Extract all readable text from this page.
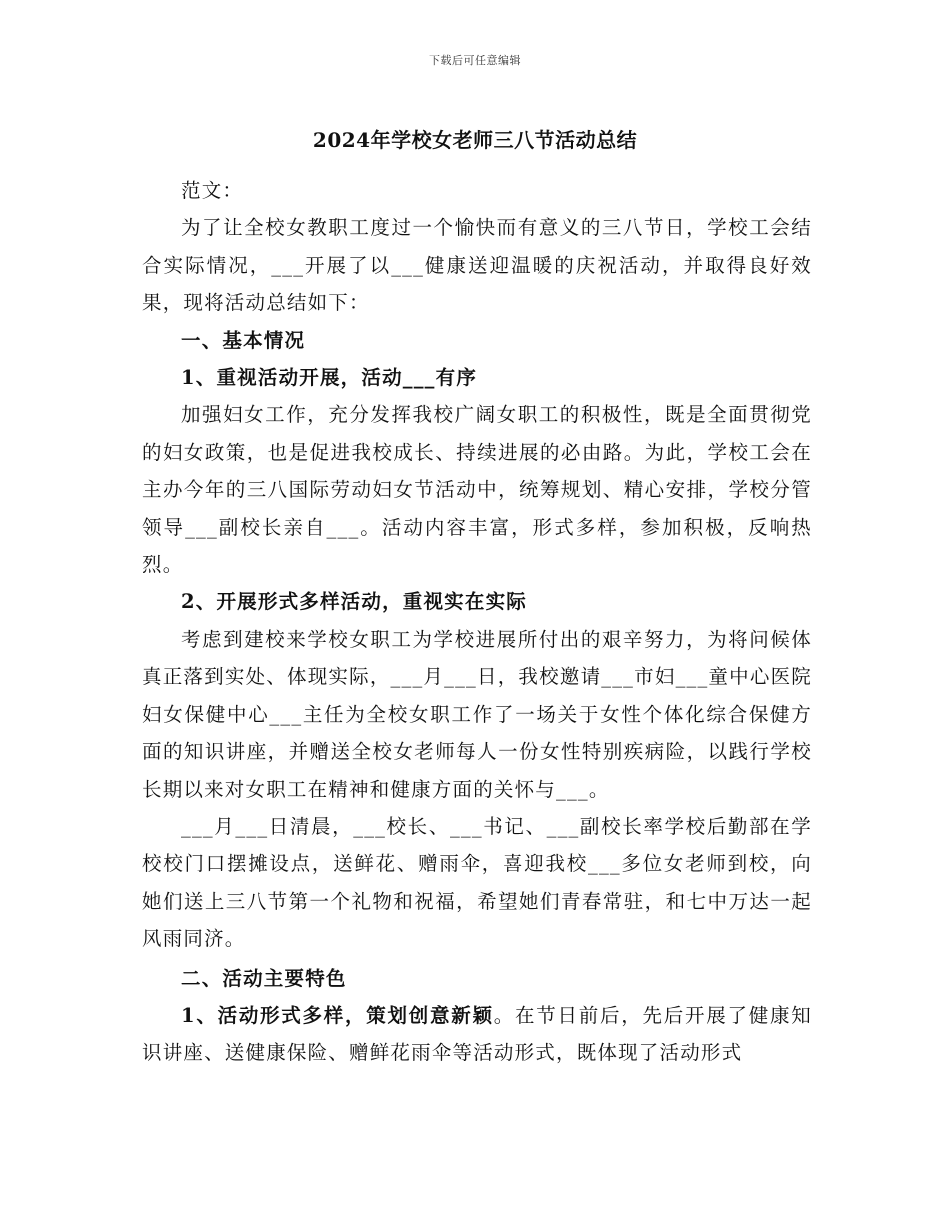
下载后可任意编辑
2024年学校女老师三八节活动总结

范文：

为了让全校女教职工度过一个愉快而有意义的三八节日，学校工会结合实际情况，___开展了以___健康送迎温暖的庆祝活动，并取得良好效果，现将活动总结如下：

一、基本情况

1、重视活动开展，活动___有序

加强妇女工作，充分发挥我校广阔女职工的积极性，既是全面贯彻党的妇女政策，也是促进我校成长、持续进展的必由路。为此，学校工会在主办今年的三八国际劳动妇女节活动中，统筹规划、精心安排，学校分管领导___副校长亲自___。活动内容丰富，形式多样，参加积极，反响热烈。

2、开展形式多样活动，重视实在实际

考虑到建校来学校女职工为学校进展所付出的艰辛努力，为将问候体真正落到实处、体现实际，___月___日，我校邀请___市妇___童中心医院妇女保健中心___主任为全校女职工作了一场关于女性个体化综合保健方面的知识讲座，并赠送全校女老师每人一份女性特别疾病险，以践行学校长期以来对女职工在精神和健康方面的关怀与___。

___月___日清晨，___校长、___书记、___副校长率学校后勤部在学校校门口摆摊设点，送鲜花、赠雨伞，喜迎我校___多位女老师到校，向她们送上三八节第一个礼物和祝福，希望她们青春常驻，和七中万达一起风雨同济。

二、活动主要特色

1、活动形式多样，策划创意新颖。在节日前后，先后开展了健康知识讲座、送健康保险、赠鲜花雨伞等活动形式，既体现了活动形式
